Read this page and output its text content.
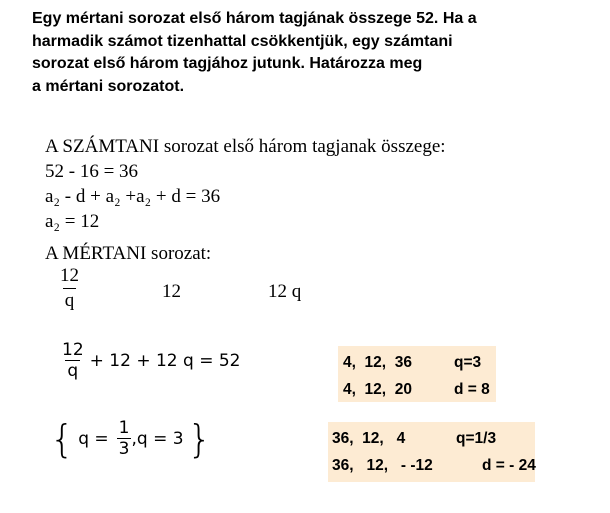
Egy mértani sorozat első három tagjának összege 52. Ha a
harmadik számot tizenhattal csökkentjük, egy számtani
sorozat első három tagjához jutunk. Határozza meg
a mértani sorozatot.
A SZÁMTANI sorozat első három tagjanak összege:
52 - 16 = 36
a₂ - d + a₂ +a₂ + d = 36
a₂ = 12
A MÉRTANI sorozat:
$\frac{12}{q}$	12	12 q
$\frac{12}{q} + 12 + 12$ q = 52
{ $q = \frac{1}{3}$ , q = 3 }
4,  12,  36	q=3
4,  12,  20	d = 8
36,  12,   4	q=1/3
36,   12,   - -12	d = - 24
